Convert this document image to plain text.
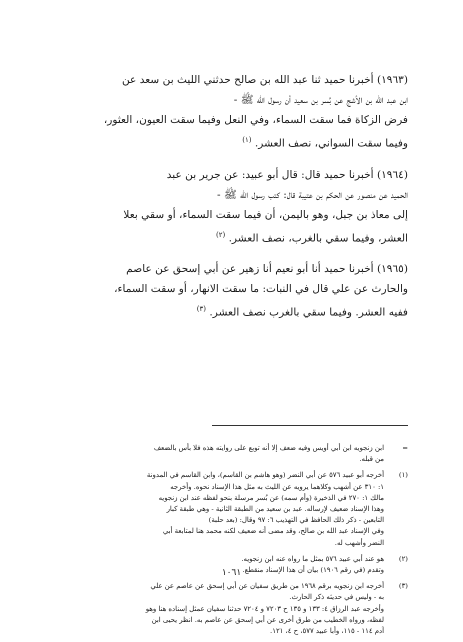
(١٩٦٣) أخبرنا حميد ثنا عبد الله بن صالح حدثني الليث بن سعد عن
ابن عبد الله بن الأشج عن بُسر بن سعيد أن رسول الله ﷺ -
فرض الزكاة فما سقت السماء، وفي النعل وفيما سقت العيون، العثور،
وفيما سقت السواني، نصف العشر. $^{(١)}$
(١٩٦٤) أخبرنا حميد قال: قال أبو عبيد: عن جرير بن عبد
الحميد عن منصور عن الحكم بن عتيبة قال: كتب رسول الله ﷺ -
إلى معاذ بن جبل، وهو باليمن، أن فيما سقت السماء، أو سقي بعلا
العشر، وفيما سقي بالغرب، نصف العشر. $^{(٢)}$
(١٩٦٥) أخبرنا حميد أنا أبو نعيم أنا زهير عن أبي إسحق عن عاصم
والحارث عن علي قال في النبات: ما سقت الانهار، أو سقت السماء،
ففيه العشر. وفيما سقي بالغرب نصف العشر. $^{(٣)}$
=
ابن زنجويه ابن أبي أويس وفيه ضعف إلا أنه توبع على روايته هذه فلا بأس بالضعف
من قبله.
(١)
أخرجه أبو عبيد ٥٧٦ عن أبي النضر (وهو هاشم بن القاسم)، وابن القاسم في المدونة
١: ٣١٠ عن أشهب وكلاهما يرويه عن الليث به مثل هذا الإسناد نحوه. وأخرجه
مالك ١: ٢٧٠ في الذخيرة (وأم سمه) عن بُسر مرسلة بنحو لفظه عند ابن زنجويه
وهذا الإسناد ضعيف لإرساله. عبد بن سعيد من الطبقة الثانية - وهي طبقة كبار
التابعين - ذكر ذلك الحافظ في التهذيب ٦: ٩٧ وقال: (بعد حلبة)
وفي الإسناد عبد الله بن صالح، وقد مضى أنه ضعيف لكنه محمد هنا لمتابعة أبي
النضر وأشهب له.
(٢)
هو عند أبي عبيد ٥٧٦ بمثل ما رواه عنه ابن زنجويه.
وتقدم (في رقم ١٩٠٦) بيان أن هذا الإسناد منقطع.
(٣)
أخرجه ابن زنجويه برقم ١٩٦٨ من طريق سفيان عن أبي إسحق عن عاصم عن علي
به - وليس في حديثه ذكر الحارث.
وأخرجه عبد الرزاق ٤: ١٣٣ و ١٣٥ ح ٧٢٠٣ و ٧٢٠٤ حدثنا سفيان عمثل إسناده هنا وهو
لفظه، ورواه الخطيب من طرق أخرى عن أبي إسحق عن عاصم به. انظر يحيى ابن
آدم ١١٤ - ١١٥، وأبا عبيد ٥٧٧، ح ٤، ١٢١.
١٠٦١
